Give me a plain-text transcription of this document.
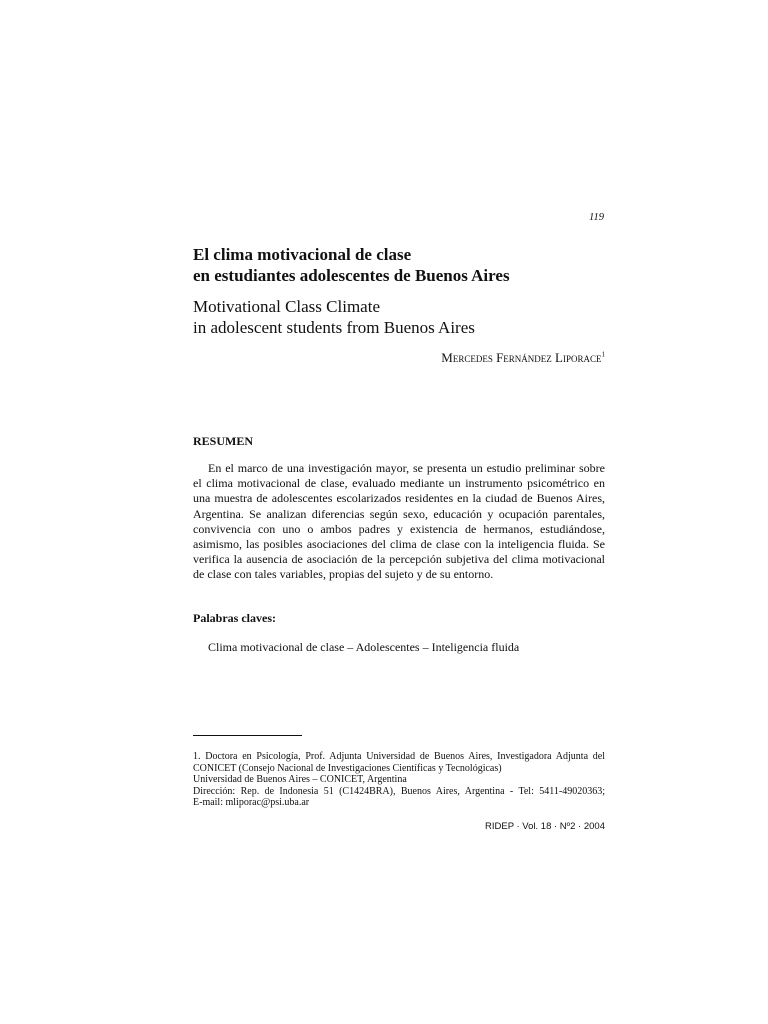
119
El clima motivacional de clase
en estudiantes adolescentes de Buenos Aires
Motivational Class Climate
in adolescent students from Buenos Aires
Mercedes Fernández Liporace$^1$
RESUMEN

En el marco de una investigación mayor, se presenta un estudio preliminar sobre el clima motivacional de clase, evaluado mediante un instrumento psicométrico en una muestra de adolescentes escolarizados residentes en la ciudad de Buenos Aires, Argentina. Se analizan diferencias según sexo, educación y ocupación parentales, convivencia con uno o ambos padres y existencia de hermanos, estudiándose, asimismo, las posibles asociaciones del clima de clase con la inteligencia fluida. Se verifica la ausencia de asociación de la percepción subjetiva del clima motivacional de clase con tales variables, propias del sujeto y de su entorno.

Palabras claves:

Clima motivacional de clase – Adolescentes – Inteligencia fluida

1. Doctora en Psicología, Prof. Adjunta Universidad de Buenos Aires, Investigadora Adjunta del
CONICET (Consejo Nacional de Investigaciones Científicas y Tecnológicas)
Universidad de Buenos Aires – CONICET, Argentina
Dirección: Rep. de Indonesia 51 (C1424BRA), Buenos Aires, Argentina - Tel: 5411-49020363;
E-mail: mliporac@psi.uba.ar
RIDEP · Vol. 18 · Nº2 · 2004
